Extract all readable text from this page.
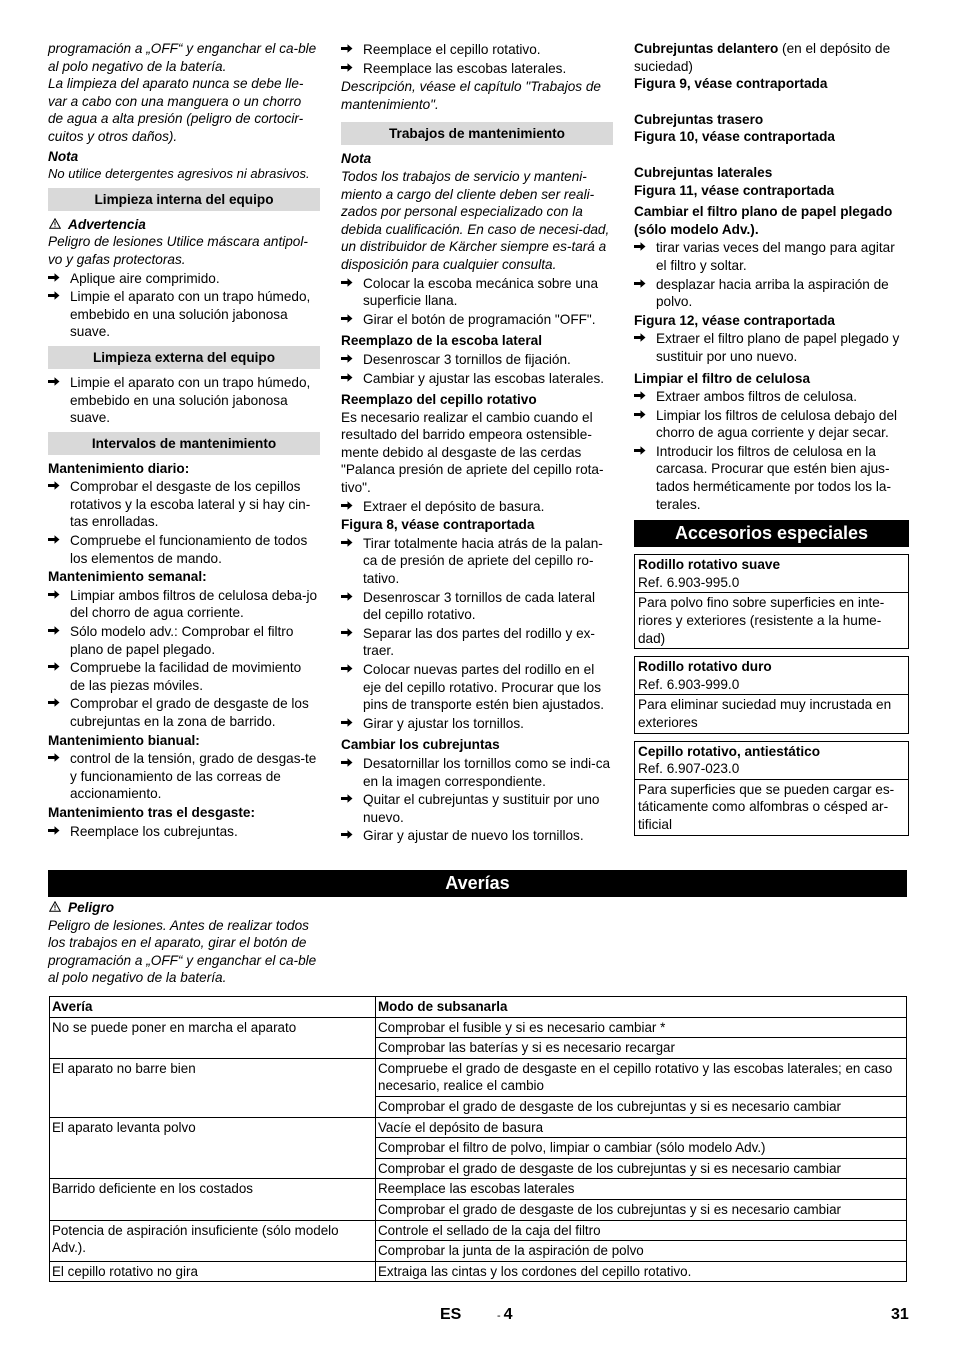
programación a „OFF“ y enganchar el ca-ble al polo negativo de la batería.

La limpieza del aparato nunca se debe lle-var a cabo con una manguera o un chorro de agua a alta presión (peligro de cortocir-cuitos y otros daños).

Nota

No utilice detergentes agresivos ni abrasivos.

Limpieza interna del equipo

Advertencia

Peligro de lesiones Utilice máscara antipol-vo y gafas protectoras.

Aplique aire comprimido.
Limpie el aparato con un trapo húmedo, embebido en una solución jabonosa suave.
Limpieza externa del equipo
Limpie el aparato con un trapo húmedo, embebido en una solución jabonosa suave.
Intervalos de mantenimiento

Mantenimiento diario:

Comprobar el desgaste de los cepillos rotativos y la escoba lateral y si hay cin-tas enrolladas.
Compruebe el funcionamiento de todos los elementos de mando.

Mantenimiento semanal:

Limpiar ambos filtros de celulosa deba-jo del chorro de agua corriente.
Sólo modelo adv.: Comprobar el filtro plano de papel plegado.
Compruebe la facilidad de movimiento de las piezas móviles.
Comprobar el grado de desgaste de los cubrejuntas en la zona de barrido.

Mantenimiento bianual:

control de la tensión, grado de desgas-te y funcionamiento de las correas de accionamiento.

Mantenimiento tras el desgaste:

Reemplace los cubrejuntas.
Reemplace el cepillo rotativo.
Reemplace las escobas laterales.

Descripción, véase el capítulo "Trabajos de mantenimiento".

Trabajos de mantenimiento

Nota

Todos los trabajos de servicio y manteni-miento a cargo del cliente deben ser reali-zados por personal especializado con la debida cualificación. En caso de necesi-dad, un distribuidor de Kärcher siempre es-tará a disposición para cualquier consulta.

Colocar la escoba mecánica sobre una superficie llana.
Girar el botón de programación "OFF".

Reemplazo de la escoba lateral

Desenroscar 3 tornillos de fijación.
Cambiar y ajustar las escobas laterales.

Reemplazo del cepillo rotativo

Es necesario realizar el cambio cuando el resultado del barrido empeora ostensible-mente debido al desgaste de las cerdas "Palanca presión de apriete del cepillo rota-tivo".

Extraer el depósito de basura.

Figura 8, véase contraportada

Tirar totalmente hacia atrás de la palan-ca de presión de apriete del cepillo ro-tativo.
Desenroscar 3 tornillos de cada lateral del cepillo rotativo.
Separar las dos partes del rodillo y ex-traer.
Colocar nuevas partes del rodillo en el eje del cepillo rotativo. Procurar que los pins de transporte estén bien ajustados.
Girar y ajustar los tornillos.

Cambiar los cubrejuntas

Desatornillar los tornillos como se indi-ca en la imagen correspondiente.
Quitar el cubrejuntas y sustituir por uno nuevo.
Girar y ajustar de nuevo los tornillos.

Cubrejuntas delantero (en el depósito de suciedad)

Figura 9, véase contraportada

Cubrejuntas trasero

Figura 10, véase contraportada

Cubrejuntas laterales

Figura 11, véase contraportada

Cambiar el filtro plano de papel plegado (sólo modelo Adv.).

tirar varias veces del mango para agitar el filtro y soltar.
desplazar hacia arriba la aspiración de polvo.

Figura 12, véase contraportada

Extraer el filtro plano de papel plegado y sustituir por uno nuevo.

Limpiar el filtro de celulosa

Extraer ambos filtros de celulosa.
Limpiar los filtros de celulosa debajo del chorro de agua corriente y dejar secar.
Introducir los filtros de celulosa en la carcasa. Procurar que estén bien ajus-tados herméticamente por todos los la-terales.
Accesorios especiales
Rodillo rotativo suave
Ref. 6.903-995.0
Para polvo fino sobre superficies en inte-riores y exteriores (resistente a la hume-dad)
Rodillo rotativo duro
Ref. 6.903-999.0
Para eliminar suciedad muy incrustada en exteriores
Cepillo rotativo, antiestático
Ref. 6.907-023.0
Para superficies que se pueden cargar es-táticamente como alfombras o césped ar-tificial
Averías

Peligro

Peligro de lesiones. Antes de realizar todos los trabajos en el aparato, girar el botón de programación a „OFF“ y enganchar el ca-ble al polo negativo de la batería.

Avería	Modo de subsanarla
No se puede poner en marcha el aparato	Comprobar el fusible y si es necesario cambiar *
	Comprobar las baterías y si es necesario recargar
El aparato no barre bien	Compruebe el grado de desgaste en el cepillo rotativo y las escobas laterales; en caso necesario, realice el cambio
	Comprobar el grado de desgaste de los cubrejuntas y si es necesario cambiar
El aparato levanta polvo	Vacíe el depósito de basura
	Comprobar el filtro de polvo, limpiar o cambiar (sólo modelo Adv.)
	Comprobar el grado de desgaste de los cubrejuntas y si es necesario cambiar
Barrido deficiente en los costados	Reemplace las escobas laterales
	Comprobar el grado de desgaste de los cubrejuntas y si es necesario cambiar
Potencia de aspiración insuficiente (sólo modelo Adv.).	Controle el sellado de la caja del filtro
	Comprobar la junta de la aspiración de polvo
El cepillo rotativo no gira	Extraiga las cintas y los cordones del cepillo rotativo.
ES	- 4	31
